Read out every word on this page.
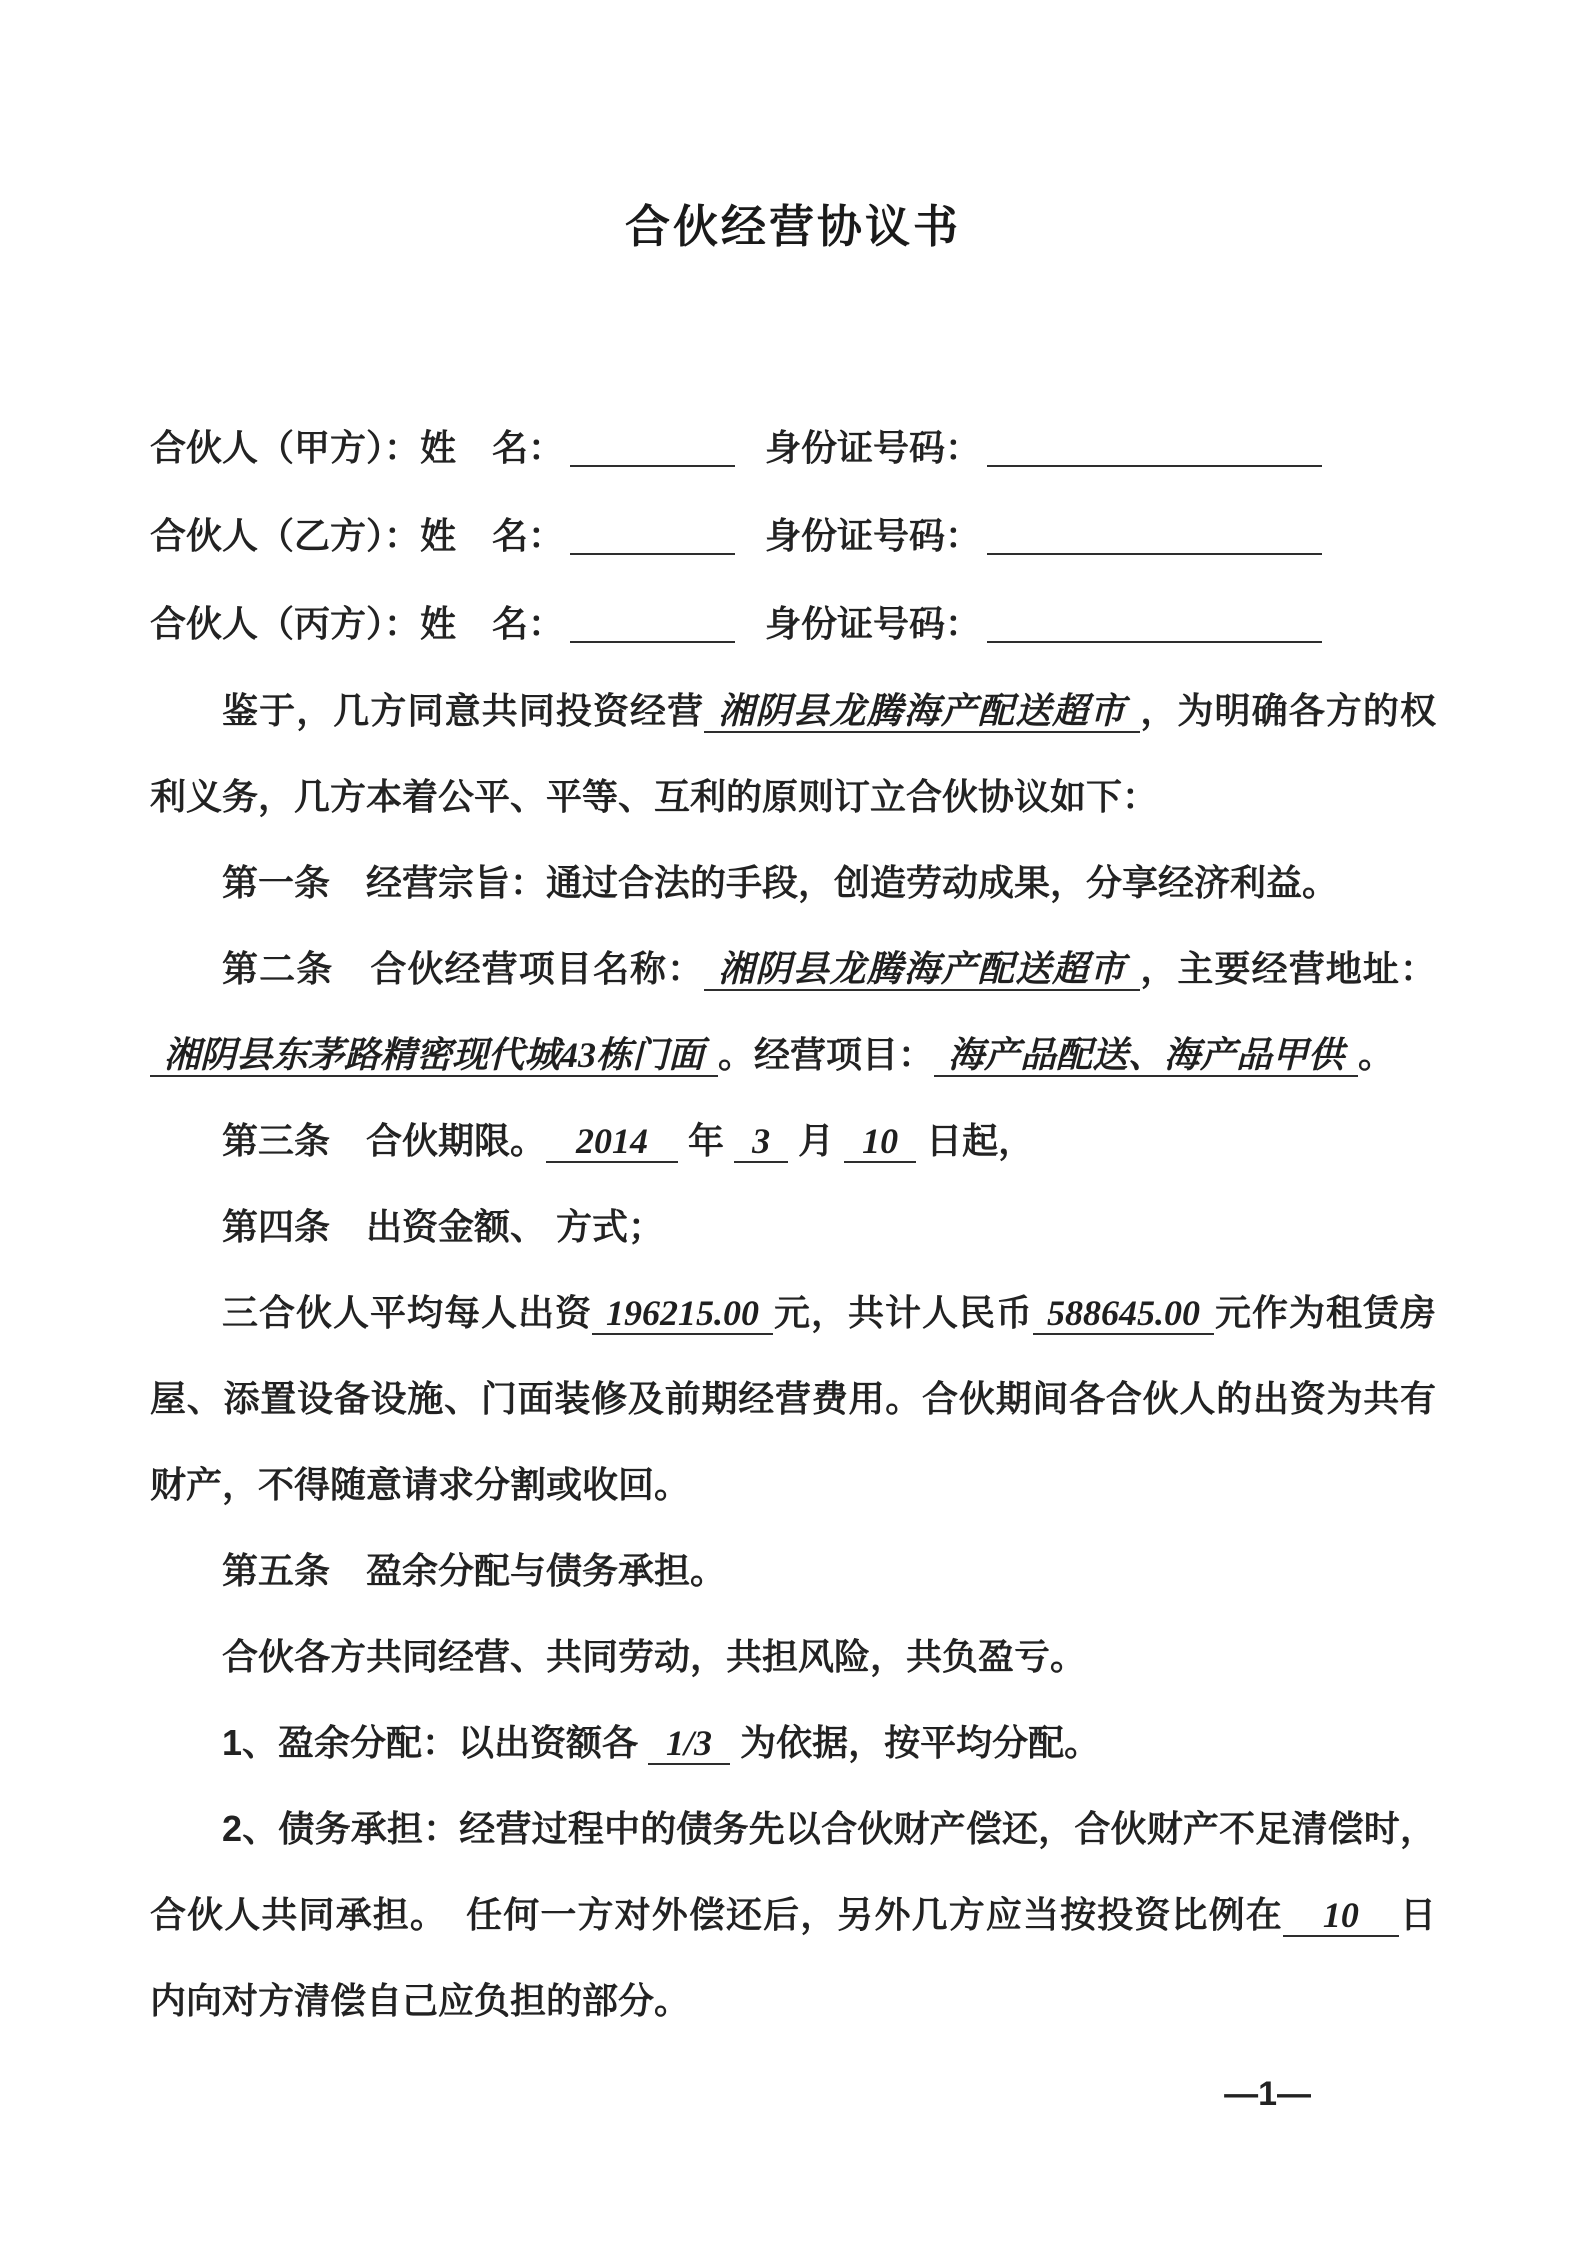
合伙经营协议书
合伙人（甲方）：姓　名：	身份证号码：
合伙人（乙方）：姓　名：	身份证号码：
合伙人（丙方）：姓　名：	身份证号码：

鉴于，几方同意共同投资经营 湘阴县龙腾海产配送超市 ，为明确各方的权利义务，几方本着公平、平等、互利的原则订立合伙协议如下：

第一条　经营宗旨：通过合法的手段，创造劳动成果，分享经济利益。

第二条　合伙经营项目名称： 湘阴县龙腾海产配送超市 ，主要经营地址：湘阴县东茅路精密现代城43栋门面 。经营项目： 海产品配送、海产品甲供 。

第三条　合伙期限。 2014 年 3 月 10 日起，

第四条　出资金额、 方式；

三合伙人平均每人出资 196215.00 元，共计人民币 588645.00 元作为租赁房屋、添置设备设施、门面装修及前期经营费用。合伙期间各合伙人的出资为共有财产，不得随意请求分割或收回。

第五条　盈余分配与债务承担。

合伙各方共同经营、共同劳动，共担风险，共负盈亏。

1、盈余分配：以出资额各 1/3 为依据，按平均分配。

2、债务承担：经营过程中的债务先以合伙财产偿还，合伙财产不足清偿时，合伙人共同承担。　任何一方对外偿还后，另外几方应当按投资比例在 10 日内向对方清偿自己应负担的部分。

—1—
